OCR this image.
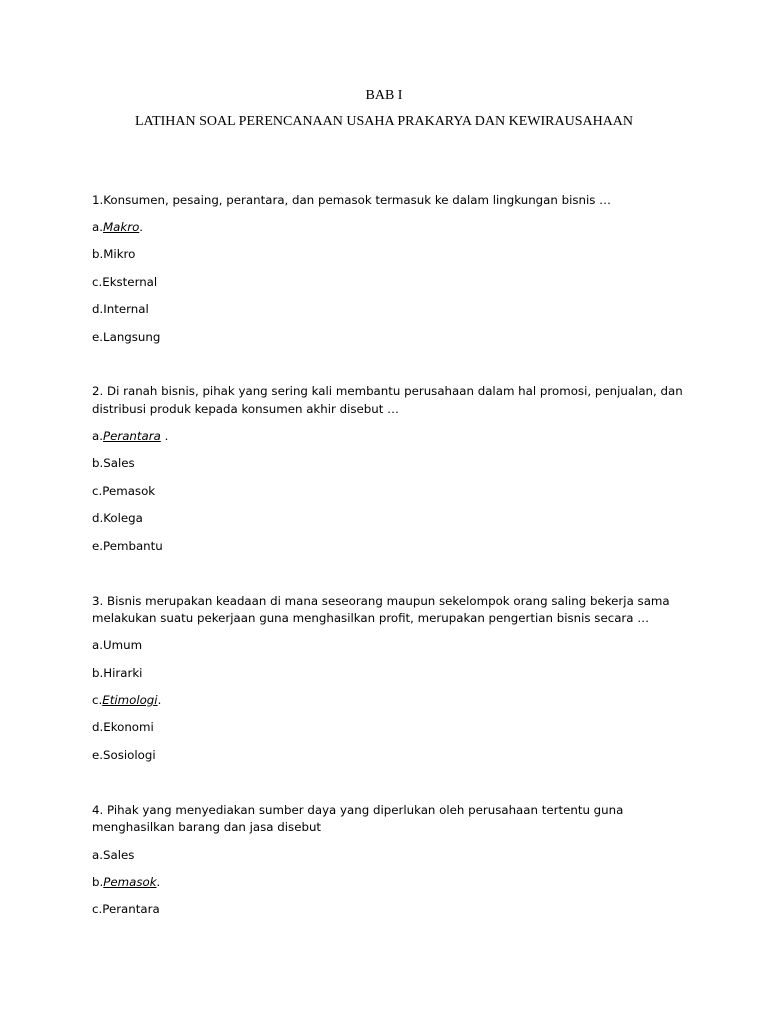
BAB I
LATIHAN SOAL PERENCANAAN USAHA PRAKARYA DAN KEWIRAUSAHAAN
1.Konsumen, pesaing, perantara, dan pemasok termasuk ke dalam lingkungan bisnis …
a.Makro.
b.Mikro
c.Eksternal
d.Internal
e.Langsung
2. Di ranah bisnis, pihak yang sering kali membantu perusahaan dalam hal promosi, penjualan, dan
distribusi produk kepada konsumen akhir disebut …
a.Perantara .
b.Sales
c.Pemasok
d.Kolega
e.Pembantu
3. Bisnis merupakan keadaan di mana seseorang maupun sekelompok orang saling bekerja sama
melakukan suatu pekerjaan guna menghasilkan profit, merupakan pengertian bisnis secara …
a.Umum
b.Hirarki
c.Etimologi.
d.Ekonomi
e.Sosiologi
4. Pihak yang menyediakan sumber daya yang diperlukan oleh perusahaan tertentu guna
menghasilkan barang dan jasa disebut
a.Sales
b.Pemasok.
c.Perantara
